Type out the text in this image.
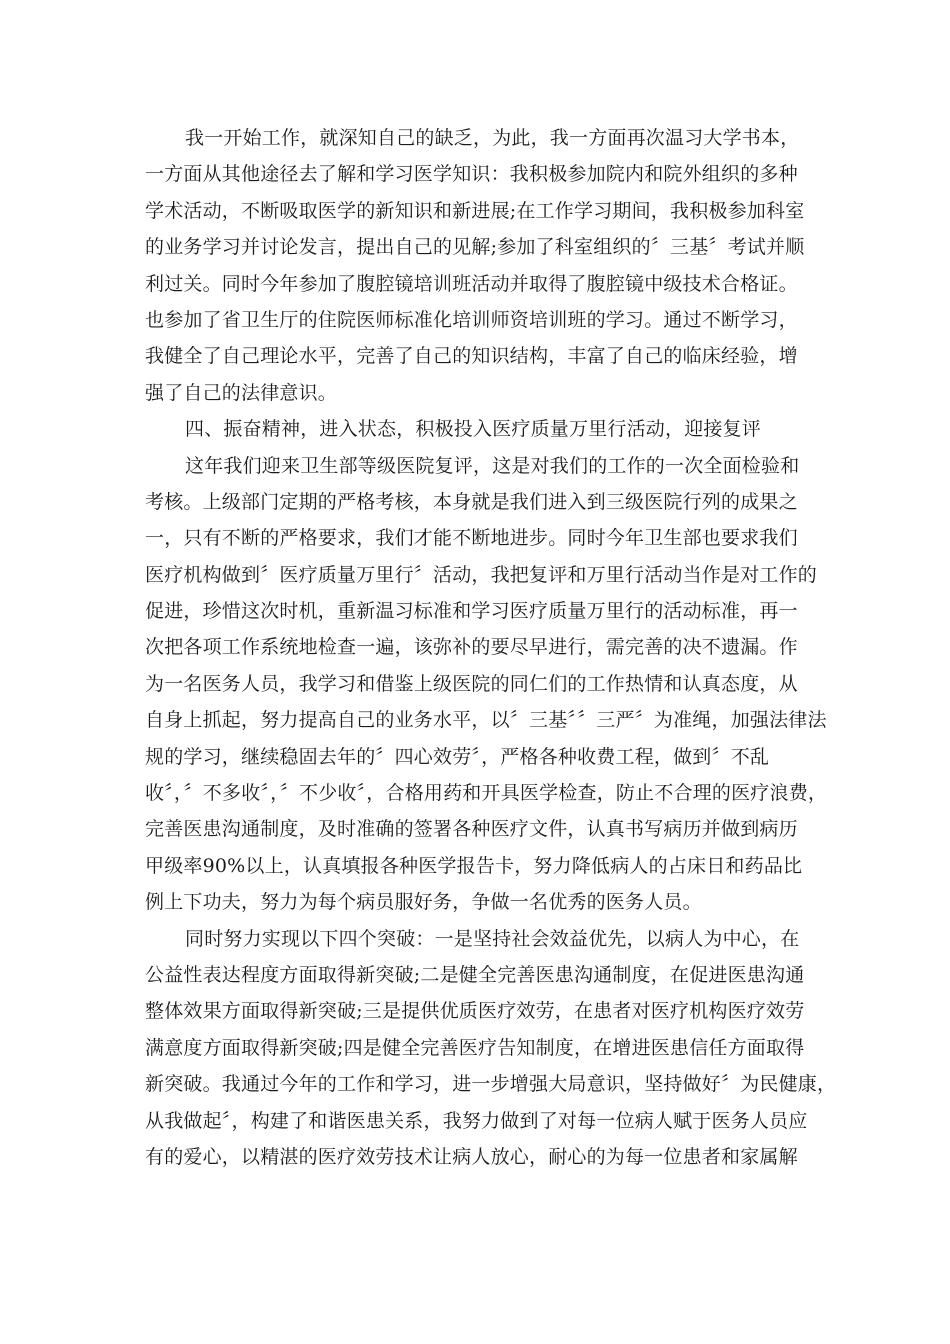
我一开始工作，就深知自己的缺乏，为此，我一方面再次温习大学书本，
一方面从其他途径去了解和学习医学知识：我积极参加院内和院外组织的多种
学术活动，不断吸取医学的新知识和新进展;在工作学习期间，我积极参加科室
的业务学习并讨论发言，提出自己的见解;参加了科室组织的〞三基〞考试并顺
利过关。同时今年参加了腹腔镜培训班活动并取得了腹腔镜中级技术合格证。
也参加了省卫生厅的住院医师标准化培训师资培训班的学习。通过不断学习，
我健全了自己理论水平，完善了自己的知识结构，丰富了自己的临床经验，增
强了自己的法律意识。
四、振奋精神，进入状态，积极投入医疗质量万里行活动，迎接复评
这年我们迎来卫生部等级医院复评，这是对我们的工作的一次全面检验和
考核。上级部门定期的严格考核，本身就是我们进入到三级医院行列的成果之
一，只有不断的严格要求，我们才能不断地进步。同时今年卫生部也要求我们
医疗机构做到〞医疗质量万里行〞活动，我把复评和万里行活动当作是对工作的
促进，珍惜这次时机，重新温习标准和学习医疗质量万里行的活动标准，再一
次把各项工作系统地检查一遍，该弥补的要尽早进行，需完善的决不遗漏。作
为一名医务人员，我学习和借鉴上级医院的同仁们的工作热情和认真态度，从
自身上抓起，努力提高自己的业务水平，以〞三基〞〞三严〞为准绳，加强法律法
规的学习，继续稳固去年的〞四心效劳〞，严格各种收费工程，做到〞不乱
收〞，〞不多收〞，〞不少收〞，合格用药和开具医学检查，防止不合理的医疗浪费，
完善医患沟通制度，及时准确的签署各种医疗文件，认真书写病历并做到病历
甲级率90%以上，认真填报各种医学报告卡，努力降低病人的占床日和药品比
例上下功夫，努力为每个病员服好务，争做一名优秀的医务人员。
同时努力实现以下四个突破：一是坚持社会效益优先，以病人为中心，在
公益性表达程度方面取得新突破;二是健全完善医患沟通制度，在促进医患沟通
整体效果方面取得新突破;三是提供优质医疗效劳，在患者对医疗机构医疗效劳
满意度方面取得新突破;四是健全完善医疗告知制度，在增进医患信任方面取得
新突破。我通过今年的工作和学习，进一步增强大局意识，坚持做好〞为民健康，
从我做起〞，构建了和谐医患关系，我努力做到了对每一位病人赋于医务人员应
有的爱心，以精湛的医疗效劳技术让病人放心，耐心的为每一位患者和家属解
